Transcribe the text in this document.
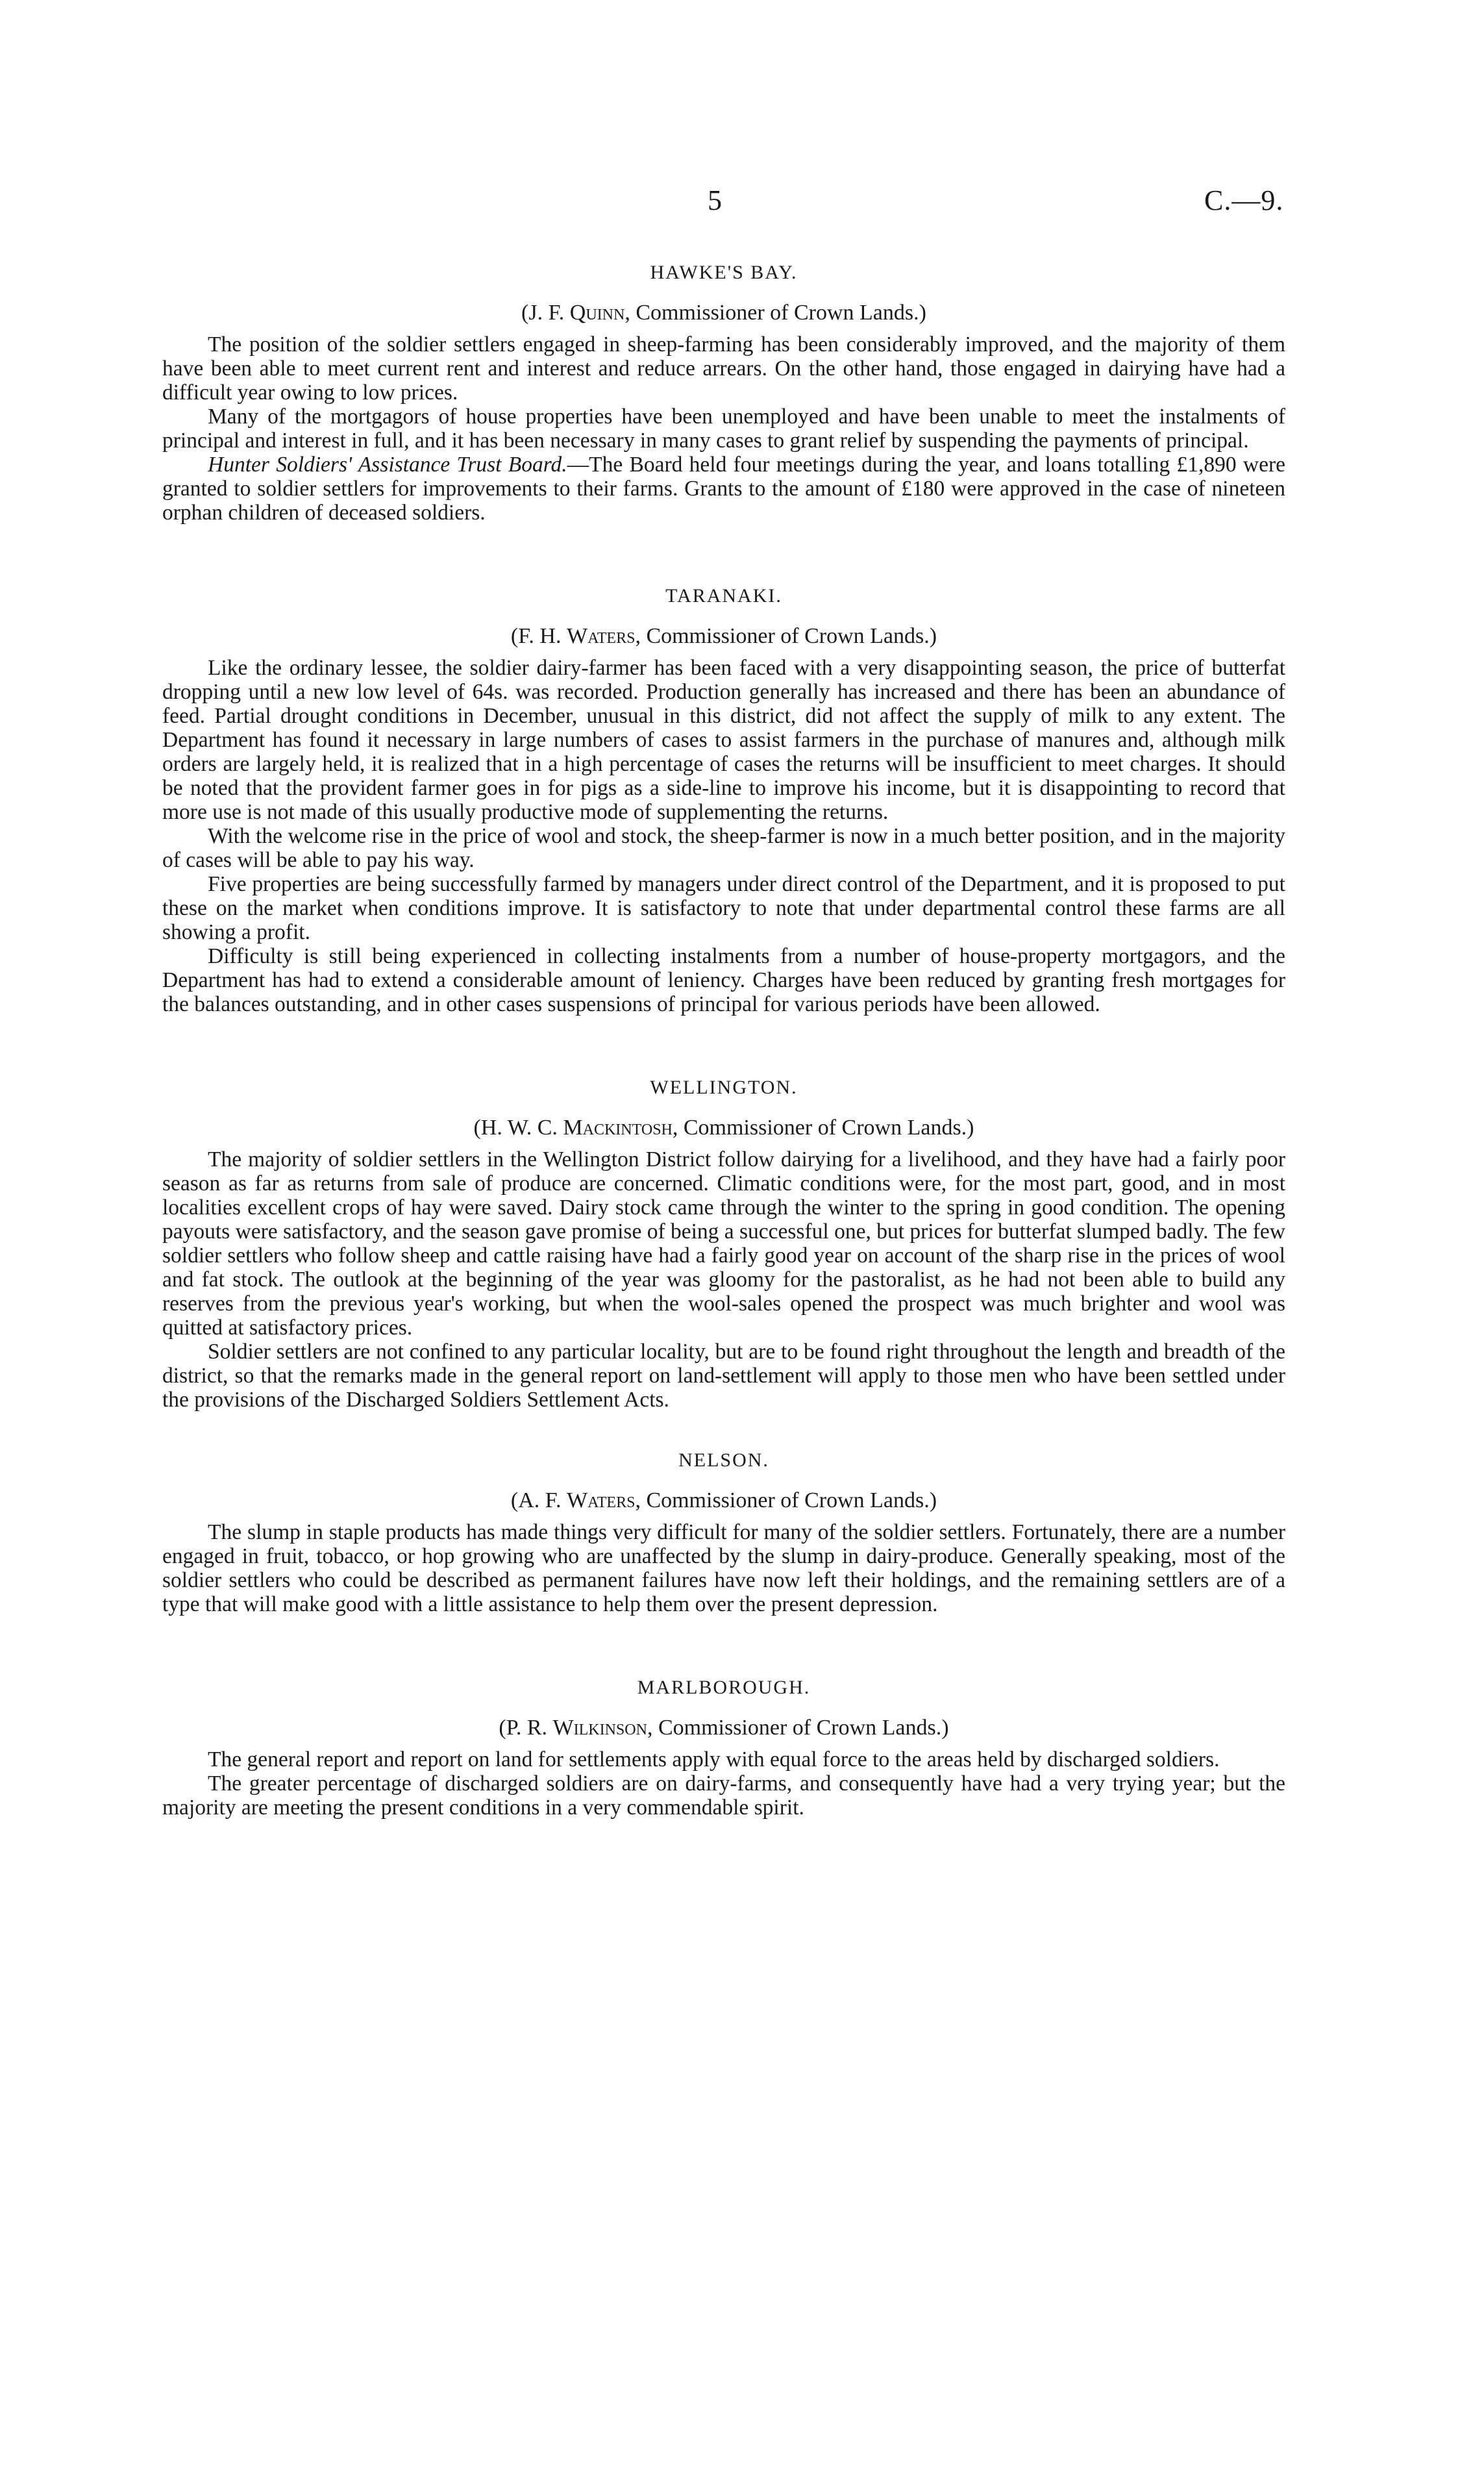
5	C.—9.
HAWKE'S BAY.
(J. F. Quinn, Commissioner of Crown Lands.)

The position of the soldier settlers engaged in sheep-farming has been considerably improved, and the majority of them have been able to meet current rent and interest and reduce arrears. On the other hand, those engaged in dairying have had a difficult year owing to low prices.

Many of the mortgagors of house properties have been unemployed and have been unable to meet the instalments of principal and interest in full, and it has been necessary in many cases to grant relief by suspending the payments of principal.

Hunter Soldiers' Assistance Trust Board.—The Board held four meetings during the year, and loans totalling £1,890 were granted to soldier settlers for improvements to their farms. Grants to the amount of £180 were approved in the case of nineteen orphan children of deceased soldiers.

TARANAKI.
(F. H. Waters, Commissioner of Crown Lands.)

Like the ordinary lessee, the soldier dairy-farmer has been faced with a very disappointing season, the price of butterfat dropping until a new low level of 64s. was recorded. Production generally has increased and there has been an abundance of feed. Partial drought conditions in December, unusual in this district, did not affect the supply of milk to any extent. The Department has found it necessary in large numbers of cases to assist farmers in the purchase of manures and, although milk orders are largely held, it is realized that in a high percentage of cases the returns will be insufficient to meet charges. It should be noted that the provident farmer goes in for pigs as a side-line to improve his income, but it is disappointing to record that more use is not made of this usually productive mode of supplementing the returns.

With the welcome rise in the price of wool and stock, the sheep-farmer is now in a much better position, and in the majority of cases will be able to pay his way.

Five properties are being successfully farmed by managers under direct control of the Department, and it is proposed to put these on the market when conditions improve. It is satisfactory to note that under departmental control these farms are all showing a profit.

Difficulty is still being experienced in collecting instalments from a number of house-property mortgagors, and the Department has had to extend a considerable amount of leniency. Charges have been reduced by granting fresh mortgages for the balances outstanding, and in other cases suspensions of principal for various periods have been allowed.

WELLINGTON.
(H. W. C. Mackintosh, Commissioner of Crown Lands.)

The majority of soldier settlers in the Wellington District follow dairying for a livelihood, and they have had a fairly poor season as far as returns from sale of produce are concerned. Climatic conditions were, for the most part, good, and in most localities excellent crops of hay were saved. Dairy stock came through the winter to the spring in good condition. The opening payouts were satisfactory, and the season gave promise of being a successful one, but prices for butterfat slumped badly. The few soldier settlers who follow sheep and cattle raising have had a fairly good year on account of the sharp rise in the prices of wool and fat stock. The outlook at the beginning of the year was gloomy for the pastoralist, as he had not been able to build any reserves from the previous year's working, but when the wool-sales opened the prospect was much brighter and wool was quitted at satisfactory prices.

Soldier settlers are not confined to any particular locality, but are to be found right throughout the length and breadth of the district, so that the remarks made in the general report on land-settlement will apply to those men who have been settled under the provisions of the Discharged Soldiers Settlement Acts.

NELSON.
(A. F. Waters, Commissioner of Crown Lands.)

The slump in staple products has made things very difficult for many of the soldier settlers. Fortunately, there are a number engaged in fruit, tobacco, or hop growing who are unaffected by the slump in dairy-produce. Generally speaking, most of the soldier settlers who could be described as permanent failures have now left their holdings, and the remaining settlers are of a type that will make good with a little assistance to help them over the present depression.

MARLBOROUGH.
(P. R. Wilkinson, Commissioner of Crown Lands.)

The general report and report on land for settlements apply with equal force to the areas held by discharged soldiers.

The greater percentage of discharged soldiers are on dairy-farms, and consequently have had a very trying year; but the majority are meeting the present conditions in a very commendable spirit.
